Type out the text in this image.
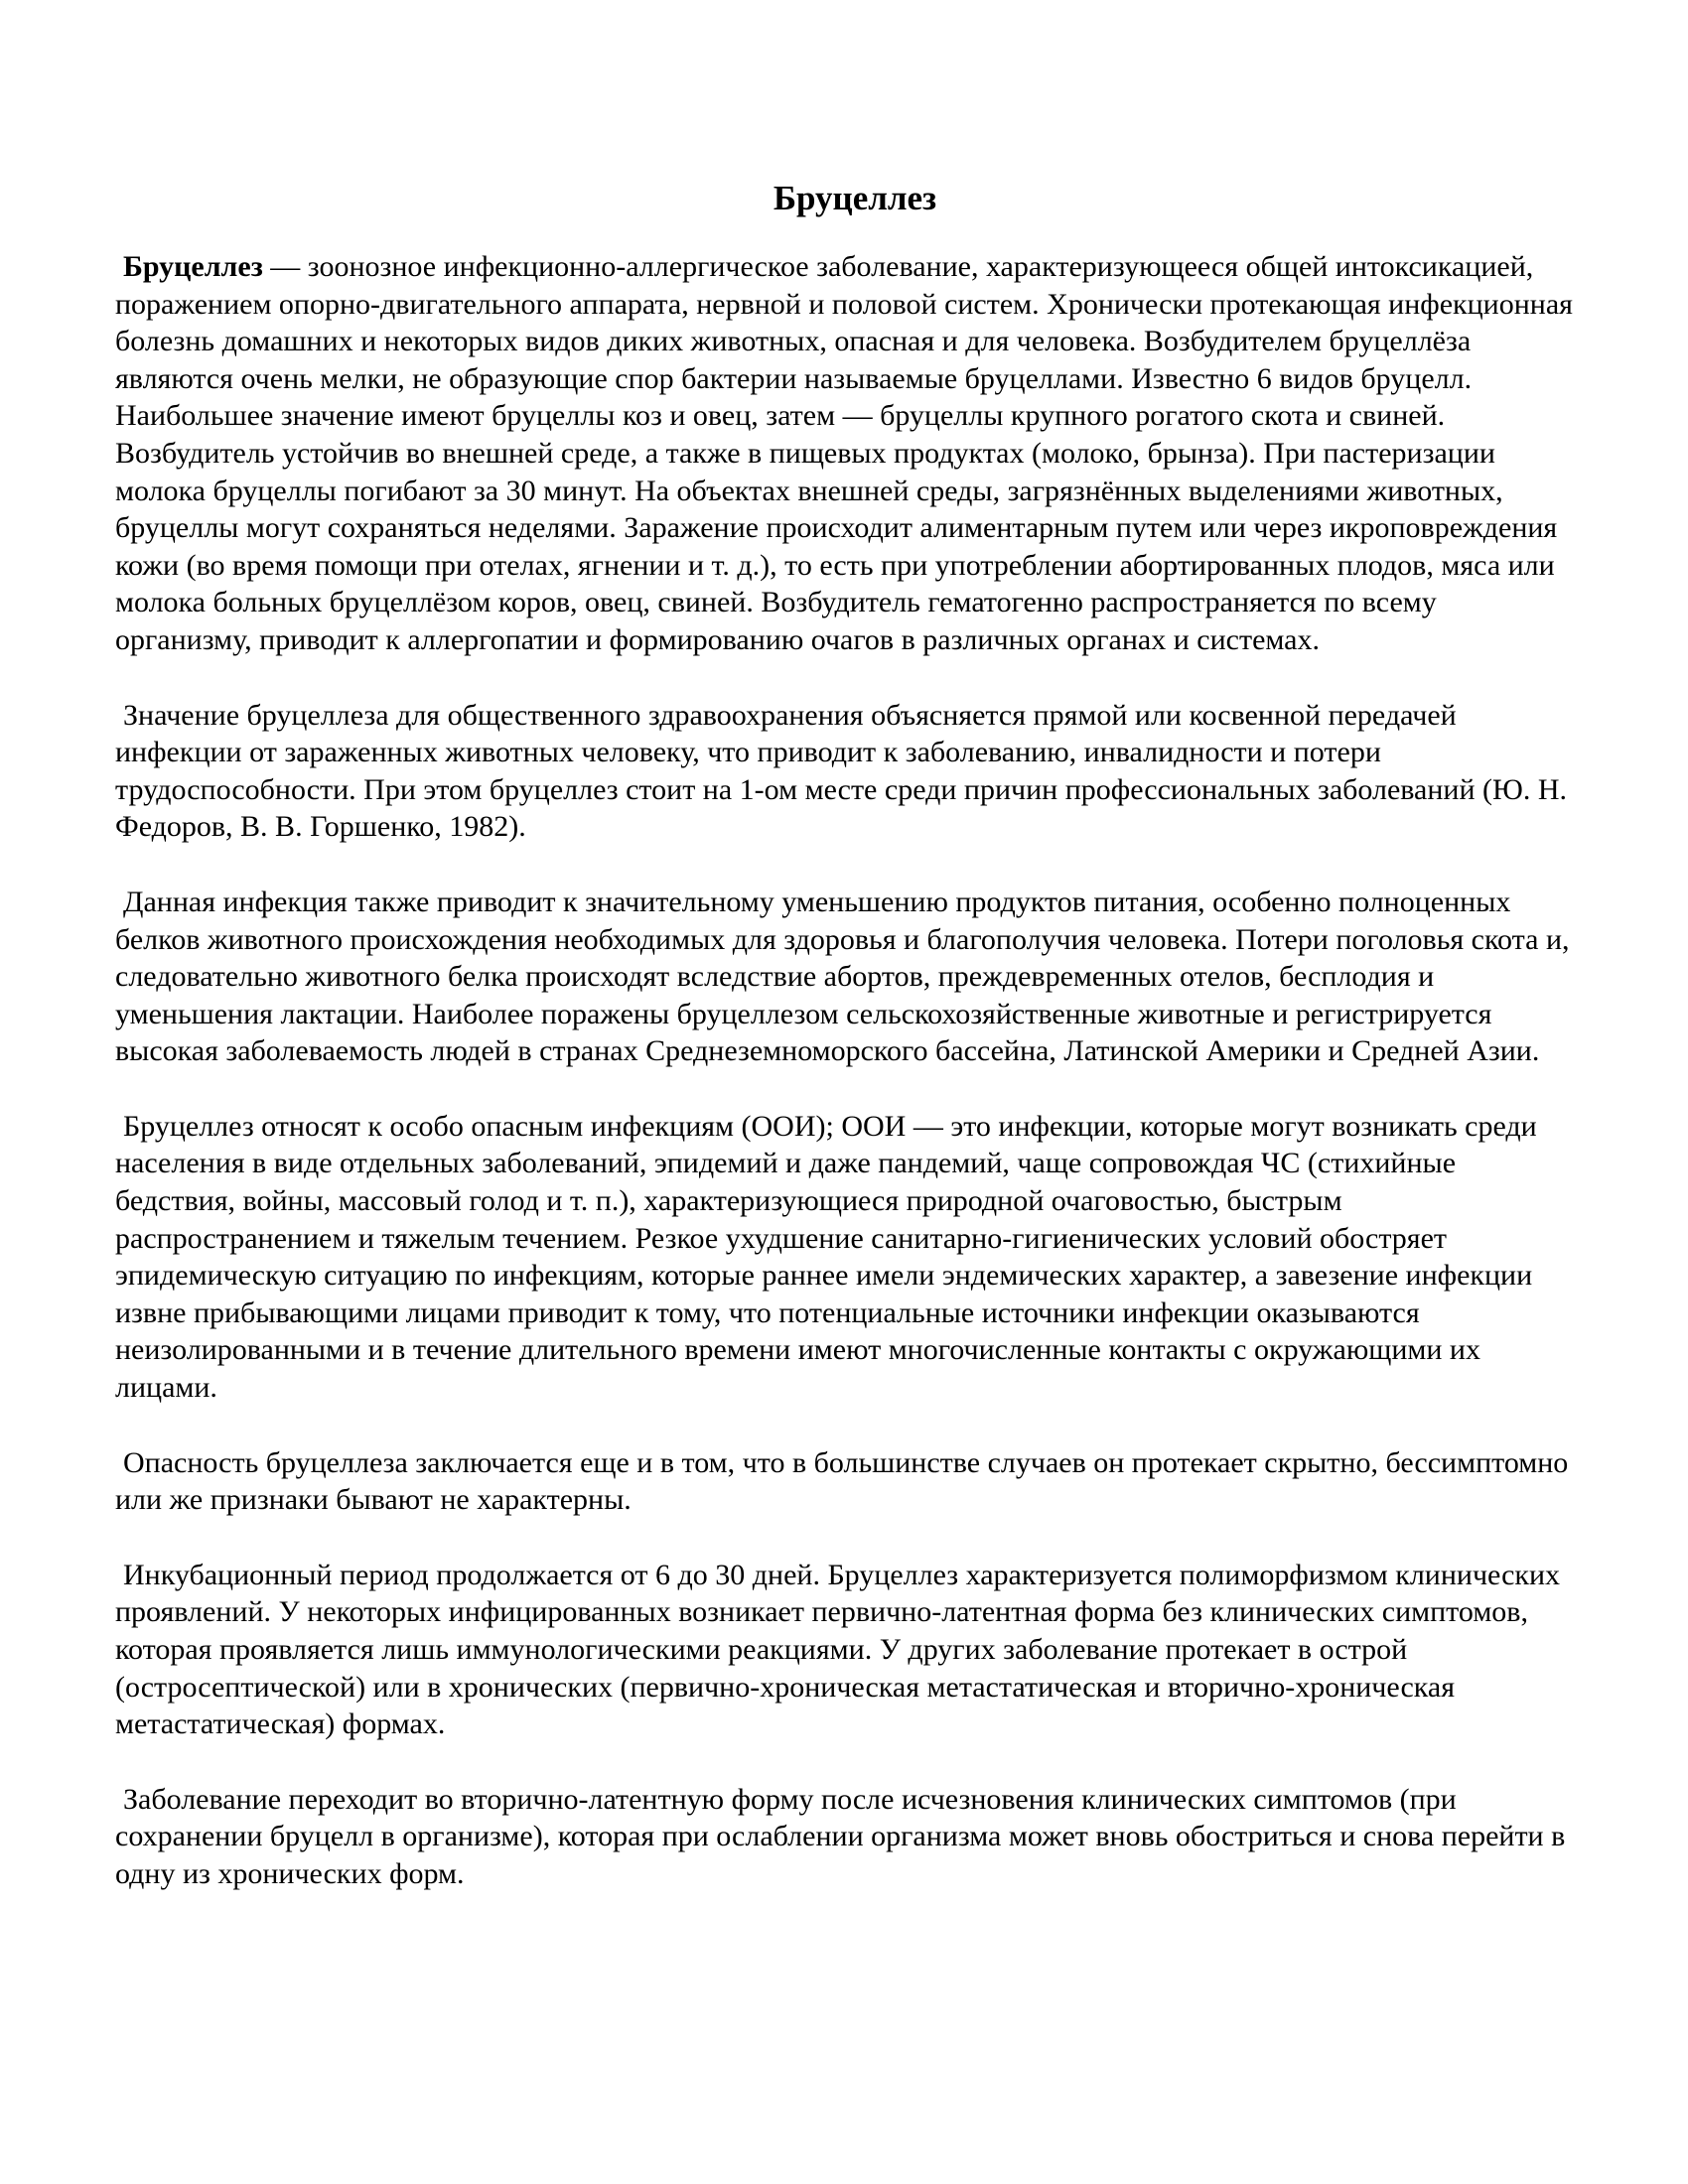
Бруцеллез

Бруцеллез — зоонозное инфекционно-аллергическое заболевание, характеризующееся общей интоксикацией, поражением опорно-двигательного аппарата, нервной и половой систем. Хронически протекающая инфекционная болезнь домашних и некоторых видов диких животных, опасная и для человека. Возбудителем бруцеллёза являются очень мелки, не образующие спор бактерии называемые бруцеллами. Известно 6 видов бруцелл. Наибольшее значение имеют бруцеллы коз и овец, затем — бруцеллы крупного рогатого скота и свиней. Возбудитель устойчив во внешней среде, а также в пищевых продуктах (молоко, брынза). При пастеризации молока бруцеллы погибают за 30 минут. На объектах внешней среды, загрязнённых выделениями животных, бруцеллы могут сохраняться неделями. Заражение происходит алиментарным путем или через икроповреждения кожи (во время помощи при отелах, ягнении и т. д.), то есть при употреблении абортированных плодов, мяса или молока больных бруцеллёзом коров, овец, свиней. Возбудитель гематогенно распространяется по всему организму, приводит к аллергопатии и формированию очагов в различных органах и системах.

Значение бруцеллеза для общественного здравоохранения объясняется прямой или косвенной передачей инфекции от зараженных животных человеку, что приводит к заболеванию, инвалидности и потери трудоспособности. При этом бруцеллез стоит на 1-ом месте среди причин профессиональных заболеваний (Ю. Н. Федоров, В. В. Горшенко, 1982).

Данная инфекция также приводит к значительному уменьшению продуктов питания, особенно полноценных белков животного происхождения необходимых для здоровья и благополучия человека. Потери поголовья скота и, следовательно животного белка происходят вследствие абортов, преждевременных отелов, бесплодия и уменьшения лактации. Наиболее поражены бруцеллезом сельскохозяйственные животные и регистрируется высокая заболеваемость людей в странах Среднеземноморского бассейна, Латинской Америки и Средней Азии.

Бруцеллез относят к особо опасным инфекциям (ООИ); ООИ — это инфекции, которые могут возникать среди населения в виде отдельных заболеваний, эпидемий и даже пандемий, чаще сопровождая ЧС (стихийные бедствия, войны, массовый голод и т. п.), характеризующиеся природной очаговостью, быстрым распространением и тяжелым течением. Резкое ухудшение санитарно-гигиенических условий обостряет эпидемическую ситуацию по инфекциям, которые раннее имели эндемических характер, а завезение инфекции извне прибывающими лицами приводит к тому, что потенциальные источники инфекции оказываются неизолированными и в течение длительного времени имеют многочисленные контакты с окружающими их лицами.

Опасность бруцеллеза заключается еще и в том, что в большинстве случаев он протекает скрытно, бессимптомно или же признаки бывают не характерны.

Инкубационный период продолжается от 6 до 30 дней. Бруцеллез характеризуется полиморфизмом клинических проявлений. У некоторых инфицированных возникает первично-латентная форма без клинических симптомов, которая проявляется лишь иммунологическими реакциями. У других заболевание протекает в острой (остросептической) или в хронических (первично-хроническая метастатическая и вторично-хроническая метастатическая) формах.

Заболевание переходит во вторично-латентную форму после исчезновения клинических симптомов (при сохранении бруцелл в организме), которая при ослаблении организма может вновь обостриться и снова перейти в одну из хронических форм.
